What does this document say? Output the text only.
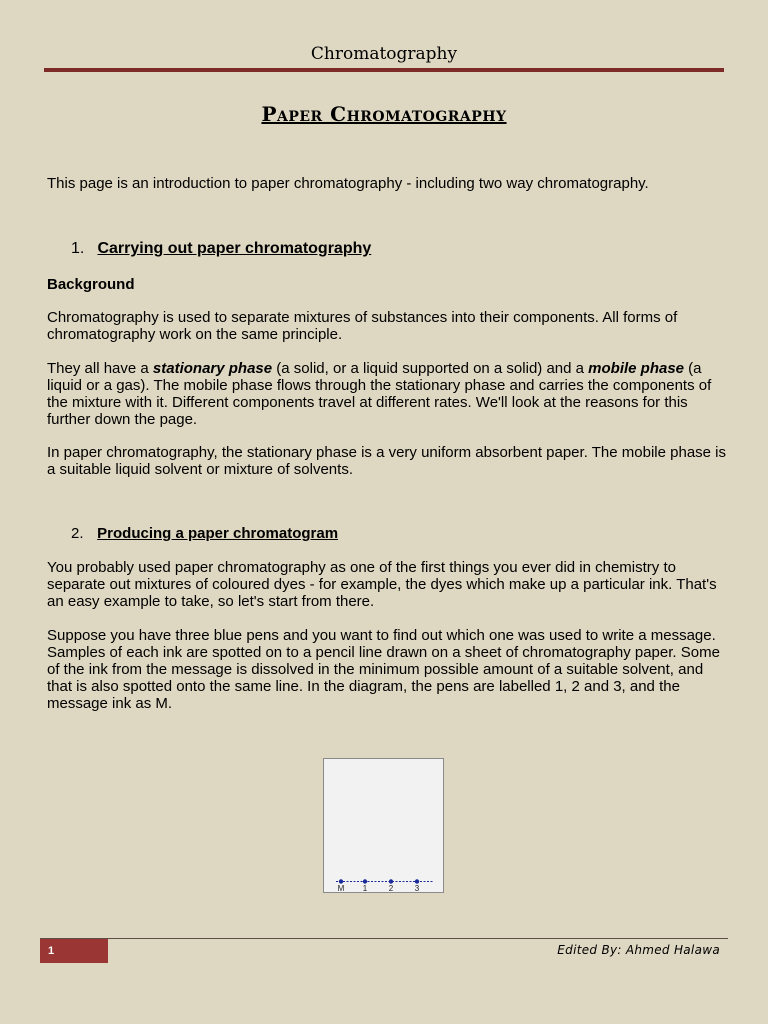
Chromatography
Paper Chromatography
This page is an introduction to paper chromatography - including two way chromatography.
1. Carrying out paper chromatography
Background
Chromatography is used to separate mixtures of substances into their components. All forms of chromatography work on the same principle.
They all have a stationary phase (a solid, or a liquid supported on a solid) and a mobile phase (a liquid or a gas). The mobile phase flows through the stationary phase and carries the components of the mixture with it. Different components travel at different rates. We'll look at the reasons for this further down the page.
In paper chromatography, the stationary phase is a very uniform absorbent paper. The mobile phase is a suitable liquid solvent or mixture of solvents.
2. Producing a paper chromatogram
You probably used paper chromatography as one of the first things you ever did in chemistry to separate out mixtures of coloured dyes - for example, the dyes which make up a particular ink. That's an easy example to take, so let's start from there.
Suppose you have three blue pens and you want to find out which one was used to write a message. Samples of each ink are spotted on to a pencil line drawn on a sheet of chromatography paper. Some of the ink from the message is dissolved in the minimum possible amount of a suitable solvent, and that is also spotted onto the same line. In the diagram, the pens are labelled 1, 2 and 3, and the message ink as M.
M 1	2	3
1	Edited By: Ahmed Halawa
